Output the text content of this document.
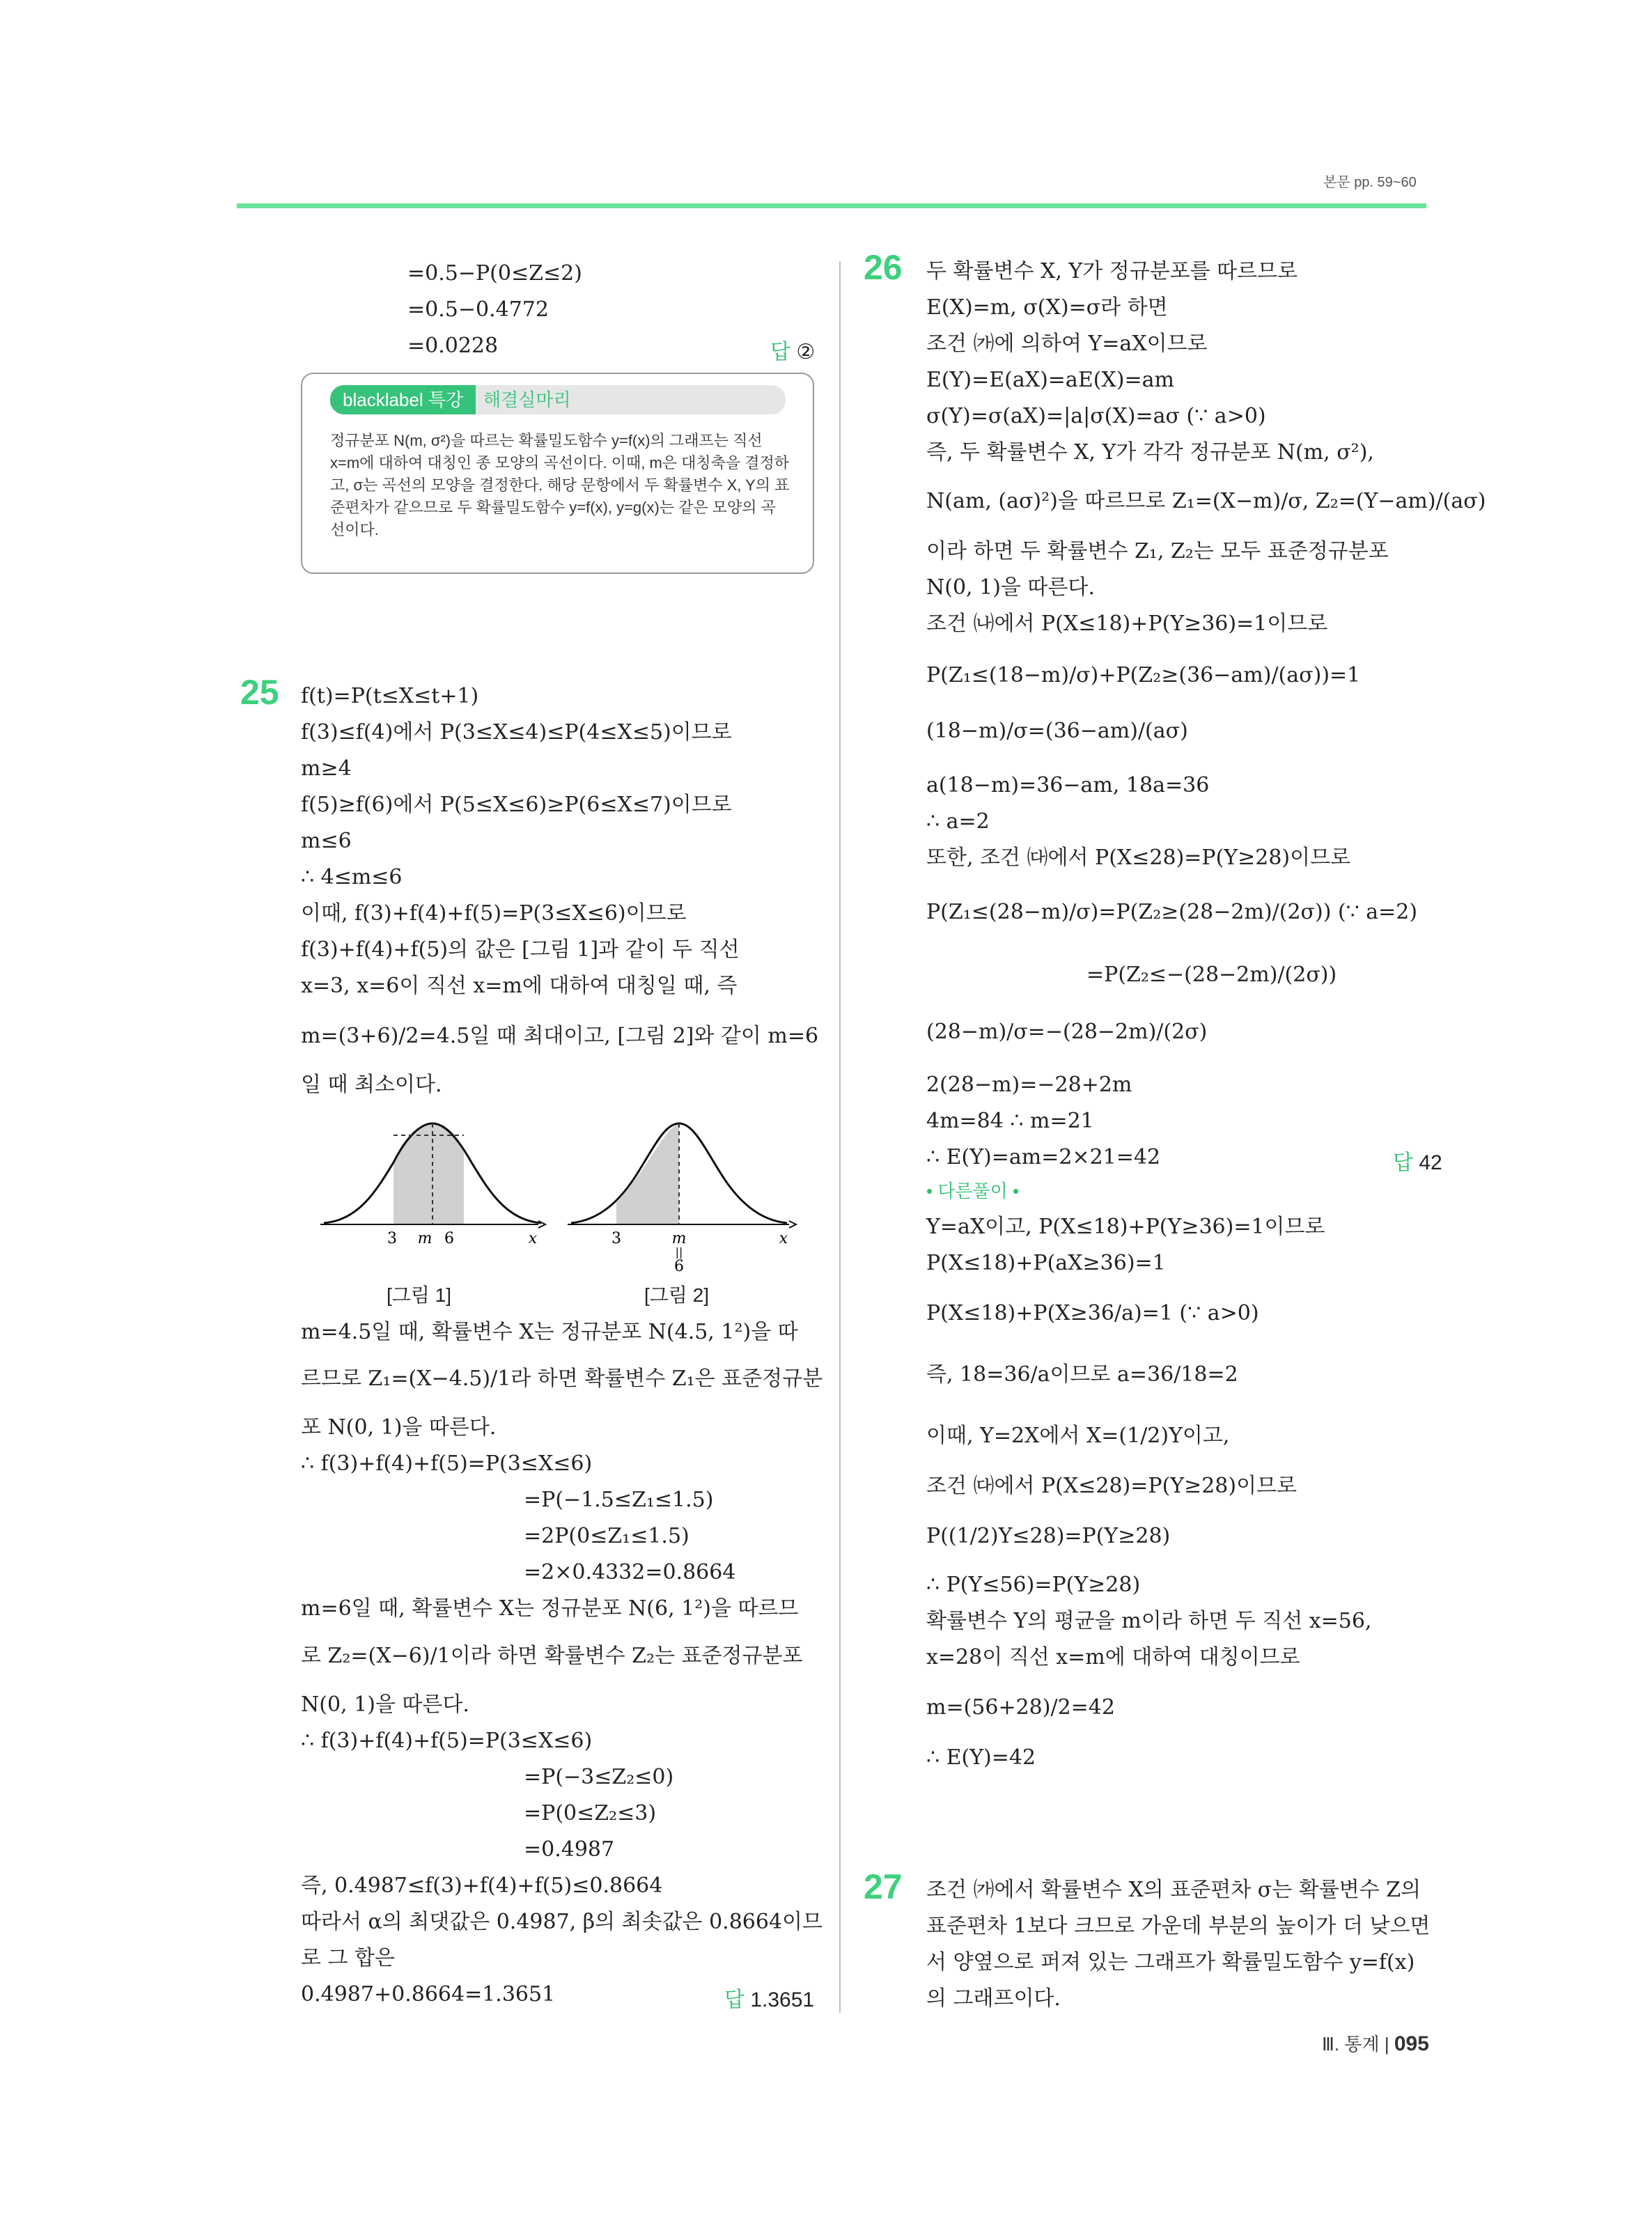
본문 pp. 59~60
=0.5−P(0≤Z≤2)
=0.5−0.4772
=0.0228	답 ②
blacklabel 특강	해결실마리
정규분포 N(m, σ²)을 따르는 확률밀도함수 y=f(x)의 그래프는 직선 x=m에 대하여 대칭인 종 모양의 곡선이다. 이때, m은 대칭축을 결정하고, σ는 곡선의 모양을 결정한다. 해당 문항에서 두 확률변수 X, Y의 표준편차가 같으므로 두 확률밀도함수 y=f(x), y=g(x)는 같은 모양의 곡선이다.
25 f(t)=P(t≤X≤t+1)
f(3)≤f(4)에서 P(3≤X≤4)≤P(4≤X≤5)이므로
m≥4
f(5)≥f(6)에서 P(5≤X≤6)≥P(6≤X≤7)이므로
m≤6
∴ 4≤m≤6
이때, f(3)+f(4)+f(5)=P(3≤X≤6)이므로
f(3)+f(4)+f(5)의 값은 [그림 1]과 같이 두 직선
x=3, x=6이 직선 x=m에 대하여 대칭일 때, 즉
m=(3+6)/2=4.5일 때 최대이고, [그림 2]와 같이 m=6
일 때 최소이다.
3 m 6	x	3	m
||
6
x
[그림 1]	[그림 2]
m=4.5일 때, 확률변수 X는 정규분포 N(4.5, 1²)을 따
르므로 Z₁=(X−4.5)/1라 하면 확률변수 Z₁은 표준정규분
포 N(0, 1)을 따른다.
∴ f(3)+f(4)+f(5)=P(3≤X≤6)
=P(−1.5≤Z₁≤1.5)
=2P(0≤Z₁≤1.5)
=2×0.4332=0.8664
m=6일 때, 확률변수 X는 정규분포 N(6, 1²)을 따르므
로 Z₂=(X−6)/1이라 하면 확률변수 Z₂는 표준정규분포
N(0, 1)을 따른다.
∴ f(3)+f(4)+f(5)=P(3≤X≤6)
=P(−3≤Z₂≤0)
=P(0≤Z₂≤3)
=0.4987
즉, 0.4987≤f(3)+f(4)+f(5)≤0.8664
따라서 α의 최댓값은 0.4987, β의 최솟값은 0.8664이므
로 그 합은
0.4987+0.8664=1.3651	답 1.3651
26 두 확률변수 X, Y가 정규분포를 따르므로
E(X)=m, σ(X)=σ라 하면
조건 ㈎에 의하여 Y=aX이므로
E(Y)=E(aX)=aE(X)=am
σ(Y)=σ(aX)=|a|σ(X)=aσ (∵ a>0)
즉, 두 확률변수 X, Y가 각각 정규분포 N(m, σ²),
N(am, (aσ)²)을 따르므로 Z₁=(X−m)/σ, Z₂=(Y−am)/(aσ)
이라 하면 두 확률변수 Z₁, Z₂는 모두 표준정규분포
N(0, 1)을 따른다.
조건 ㈏에서 P(X≤18)+P(Y≥36)=1이므로
P(Z₁≤(18−m)/σ)+P(Z₂≥(36−am)/(aσ))=1
(18−m)/σ=(36−am)/(aσ)
a(18−m)=36−am, 18a=36
∴ a=2
또한, 조건 ㈐에서 P(X≤28)=P(Y≥28)이므로
P(Z₁≤(28−m)/σ)=P(Z₂≥(28−2m)/(2σ)) (∵ a=2)
=P(Z₂≤−(28−2m)/(2σ))
(28−m)/σ=−(28−2m)/(2σ)
2(28−m)=−28+2m
4m=84 ∴ m=21
∴ E(Y)=am=2×21=42	답 42
• 다른풀이 •
Y=aX이고, P(X≤18)+P(Y≥36)=1이므로
P(X≤18)+P(aX≥36)=1
P(X≤18)+P(X≥36/a)=1 (∵ a>0)
즉, 18=36/a이므로 a=36/18=2
이때, Y=2X에서 X=(1/2)Y이고,
조건 ㈐에서 P(X≤28)=P(Y≥28)이므로
P((1/2)Y≤28)=P(Y≥28)
∴ P(Y≤56)=P(Y≥28)
확률변수 Y의 평균을 m이라 하면 두 직선 x=56,
x=28이 직선 x=m에 대하여 대칭이므로
m=(56+28)/2=42
∴ E(Y)=42
27 조건 ㈎에서 확률변수 X의 표준편차 σ는 확률변수 Z의
표준편차 1보다 크므로 가운데 부분의 높이가 더 낮으면
서 양옆으로 퍼져 있는 그래프가 확률밀도함수 y=f(x)
의 그래프이다.
Ⅲ. 통계 | 095
